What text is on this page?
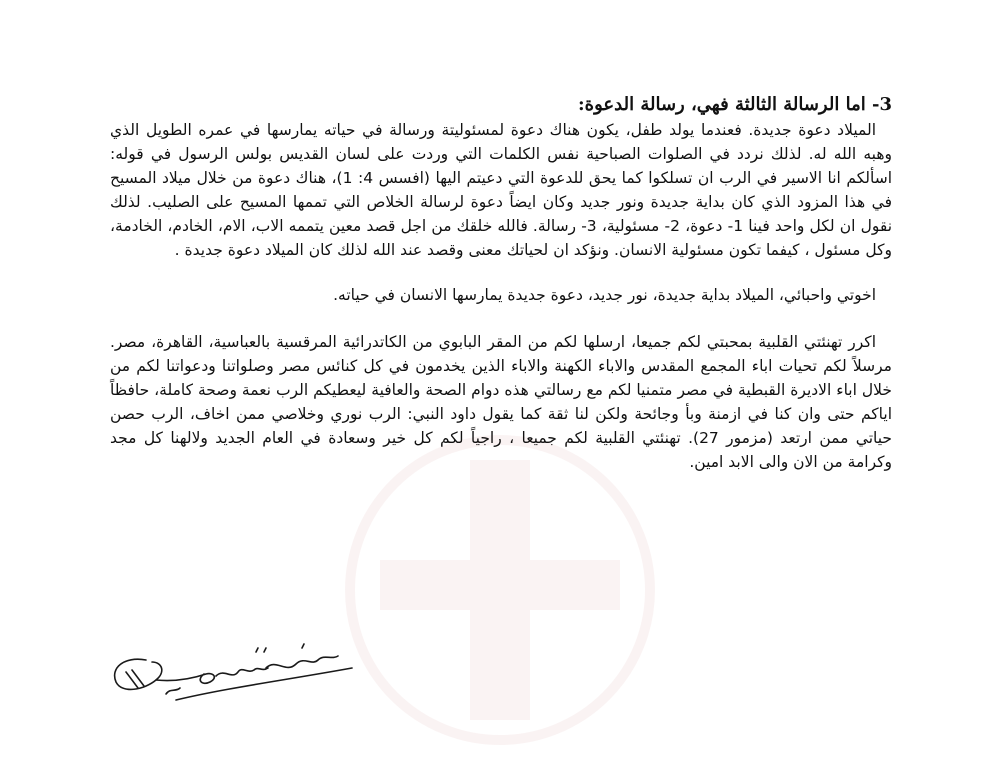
3- اما الرسالة الثالثة فهي، رسالة الدعوة:

الميلاد دعوة جديدة. فعندما يولد طفل، يكون هناك دعوة لمسئوليتة ورسالة في حياته يمارسها في عمره الطويل الذي وهبه الله له. لذلك نردد في الصلوات الصباحية نفس الكلمات التي وردت على لسان القديس بولس الرسول في قوله: اسألكم انا الاسير في الرب ان تسلكوا كما يحق للدعوة التي دعيتم اليها (افسس 4: 1)، هناك دعوة من خلال ميلاد المسيح في هذا المزود الذي كان بداية جديدة ونور جديد وكان ايضاً دعوة لرسالة الخلاص التي تممها المسيح على الصليب. لذلك نقول ان لكل واحد فينا 1- دعوة، 2- مسئولية، 3- رسالة. فالله خلقك من اجل قصد معين يتممه الاب، الام، الخادم، الخادمة، وكل مسئول ، كيفما تكون مسئولية الانسان. ونؤكد ان لحياتك معنى وقصد عند الله لذلك كان الميلاد دعوة جديدة .

اخوتي واحبائي، الميلاد بداية جديدة، نور جديد، دعوة جديدة يمارسها الانسان في حياته.

اكرر تهنئتي القلبية بمحبتي لكم جميعا، ارسلها لكم من المقر البابوي من الكاتدرائية المرقسية بالعباسية، القاهرة، مصر. مرسلاً لكم تحيات اباء المجمع المقدس والاباء الكهنة والاباء الذين يخدمون في كل كنائس مصر وصلواتنا ودعواتنا لكم من خلال اباء الاديرة القبطية في مصر متمنيا لكم مع رسالتي هذه دوام الصحة والعافية ليعطيكم الرب نعمة وصحة كاملة، حافظاً اياكم حتى وان كنا في ازمنة وبأ وجائحة ولكن لنا ثقة كما يقول داود النبي: الرب نوري وخلاصي ممن اخاف، الرب حصن حياتي ممن ارتعد (مزمور 27). تهنئتي القلبية لكم جميعا ، راجياً لكم كل خير وسعادة في العام الجديد ولالهنا كل مجد وكرامة من الان والى الابد امين.
